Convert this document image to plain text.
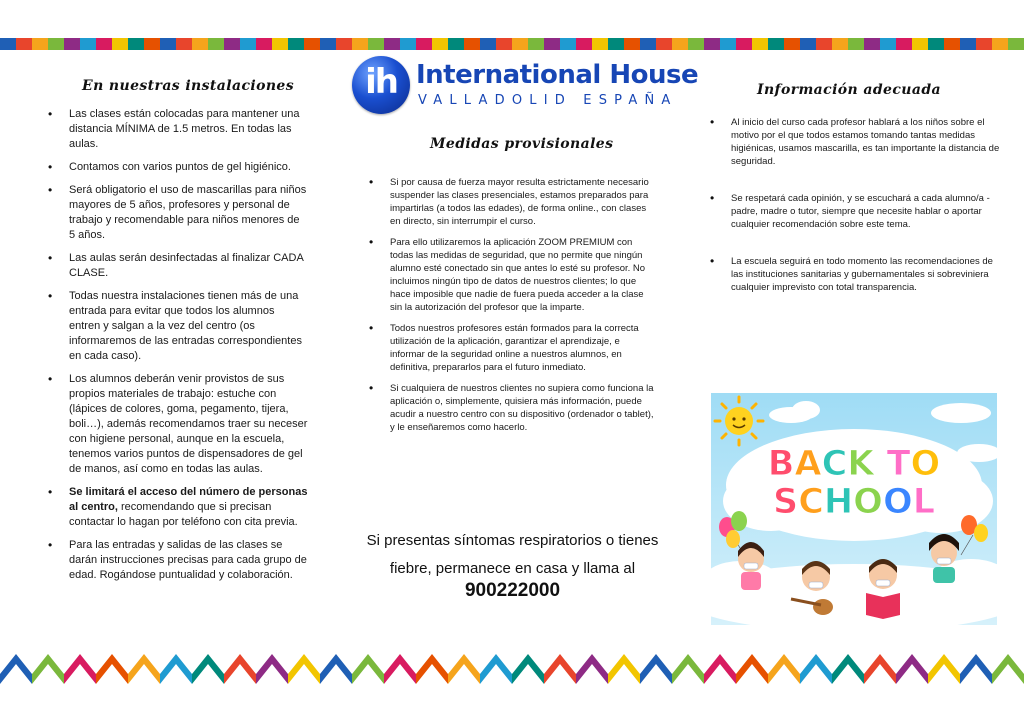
En nuestras instalaciones
• Las clases están colocadas para mantener una distancia MÍNIMA de 1.5 metros. En todas las aulas.
• Contamos con varios puntos de gel higiénico.
• Será obligatorio el uso de mascarillas para niños mayores de 5 años, profesores y personal de trabajo y recomendable para niños menores de 5 años.
• Las aulas serán desinfectadas al finalizar CADA CLASE.
• Todas nuestra instalaciones tienen más de una entrada para evitar que todos los alumnos entren y salgan a la vez del centro (os informaremos de las entradas correspondientes en cada caso).
• Los alumnos deberán venir provistos de sus propios materiales de trabajo: estuche con (lápices de colores, goma, pegamento, tijera, boli…), además recomendamos traer su neceser con higiene personal, aunque en la escuela, tenemos varios puntos de dispensadores de gel de manos, así como en todas las aulas.
• Se limitará el acceso del número de personas al centro, recomendando que si precisan contactar lo hagan por teléfono con cita previa.
• Para las entradas y salidas de las clases se darán instrucciones precisas para cada grupo de edad. Rogándose puntualidad y colaboración.
ih International House
VALLADOLID ESPAÑA
Medidas provisionales
• Si por causa de fuerza mayor resulta estrictamente necesario suspender las clases presenciales, estamos preparados para impartirlas (a todos las edades), de forma online., con clases en directo, sin interrumpir el curso.
• Para ello utilizaremos la aplicación ZOOM PREMIUM con todas las medidas de seguridad, que no permite que ningún alumno esté conectado sin que antes lo esté su profesor. No incluimos ningún tipo de datos de nuestros clientes; lo que hace imposible que nadie de fuera pueda acceder a la clase sin la autorización del profesor que la imparte.
• Todos nuestros profesores están formados para la correcta utilización de la aplicación, garantizar el aprendizaje, e informar de la seguridad online a nuestros alumnos, en definitiva, prepararlos para el futuro inmediato.
• Si cualquiera de nuestros clientes no supiera como funciona la aplicación o, simplemente, quisiera más información, puede acudir a nuestro centro con su dispositivo (ordenador o tablet), y le enseñaremos como hacerlo.
Si presentas síntomas respiratorios o tienes fiebre, permanece en casa y llama al
900222000
Información adecuada
• Al inicio del curso cada profesor hablará a los niños sobre el motivo por el que todos estamos tomando tantas medidas higiénicas, usamos mascarilla, es tan importante la distancia de seguridad.
• Se respetará cada opinión, y se escuchará a cada alumno/a - padre, madre o tutor, siempre que necesite hablar o aportar cualquier recomendación sobre este tema.
• La escuela seguirá en todo momento las recomendaciones de las instituciones sanitarias y gubernamentales si sobreviniera cualquier imprevisto con total transparencia.
BACK TO
SCHOOL
